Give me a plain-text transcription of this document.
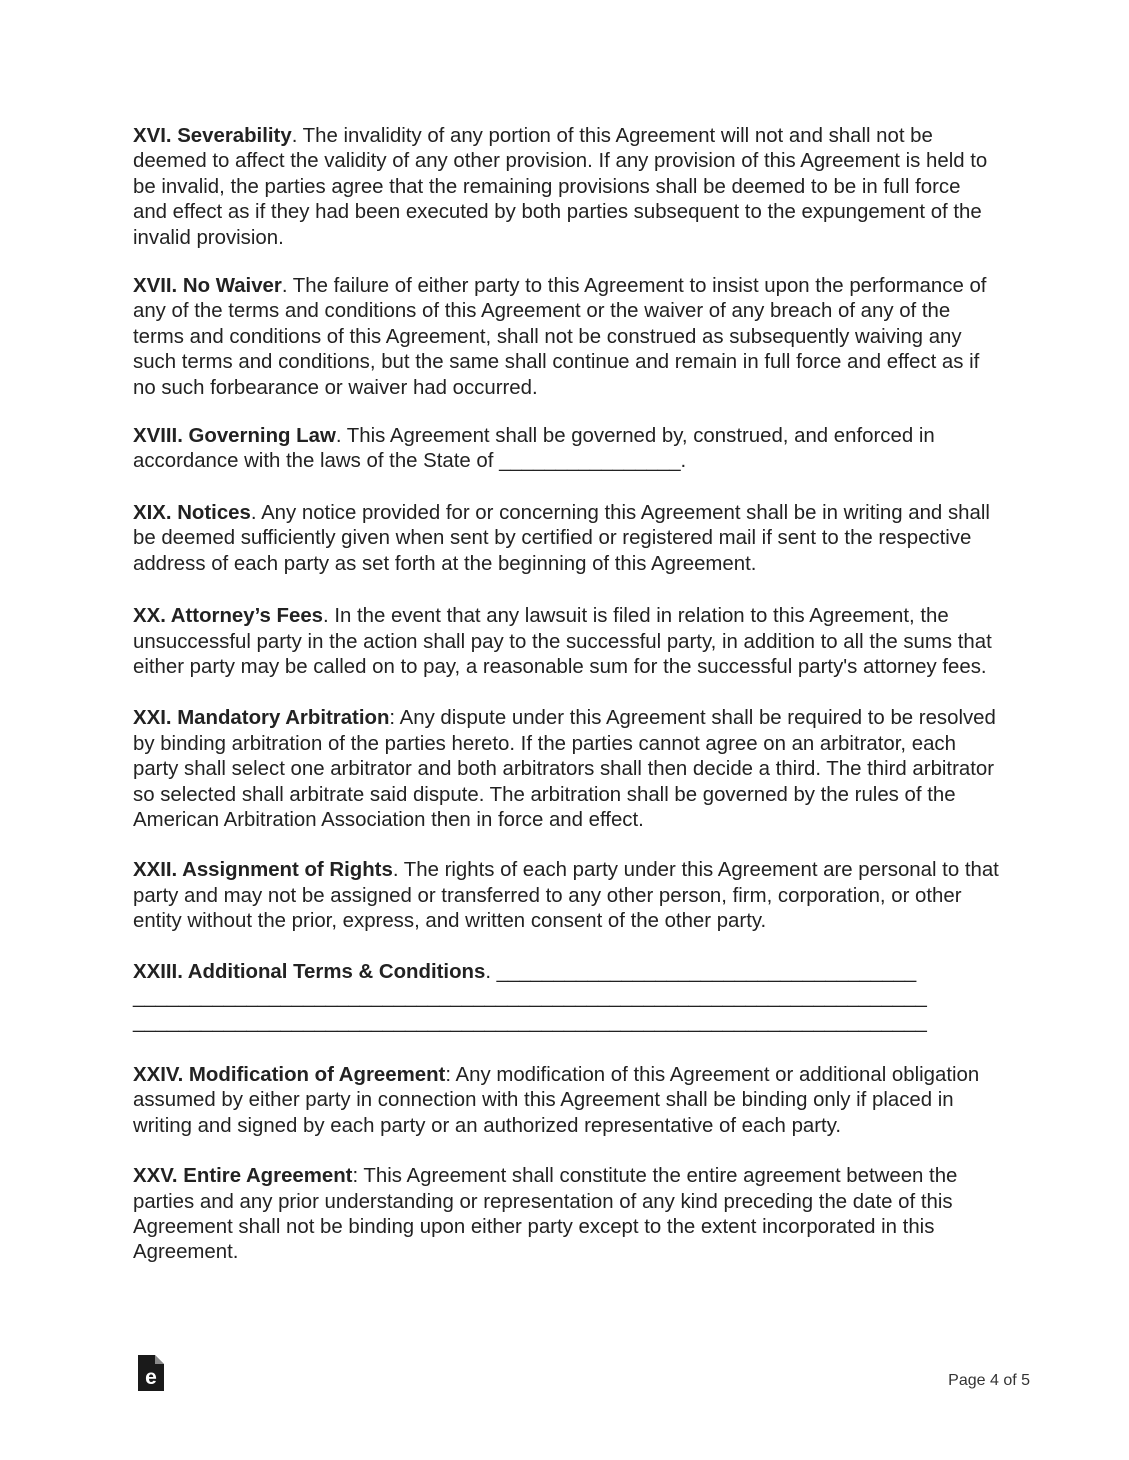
XVI. Severability. The invalidity of any portion of this Agreement will not and shall not be deemed to affect the validity of any other provision. If any provision of this Agreement is held to be invalid, the parties agree that the remaining provisions shall be deemed to be in full force and effect as if they had been executed by both parties subsequent to the expungement of the invalid provision.

XVII. No Waiver. The failure of either party to this Agreement to insist upon the performance of any of the terms and conditions of this Agreement or the waiver of any breach of any of the terms and conditions of this Agreement, shall not be construed as subsequently waiving any such terms and conditions, but the same shall continue and remain in full force and effect as if no such forbearance or waiver had occurred.

XVIII. Governing Law. This Agreement shall be governed by, construed, and enforced in accordance with the laws of the State of ________________.

XIX. Notices. Any notice provided for or concerning this Agreement shall be in writing and shall be deemed sufficiently given when sent by certified or registered mail if sent to the respective address of each party as set forth at the beginning of this Agreement.

XX. Attorney’s Fees. In the event that any lawsuit is filed in relation to this Agreement, the unsuccessful party in the action shall pay to the successful party, in addition to all the sums that either party may be called on to pay, a reasonable sum for the successful party's attorney fees.

XXI. Mandatory Arbitration: Any dispute under this Agreement shall be required to be resolved by binding arbitration of the parties hereto. If the parties cannot agree on an arbitrator, each party shall select one arbitrator and both arbitrators shall then decide a third. The third arbitrator so selected shall arbitrate said dispute. The arbitration shall be governed by the rules of the American Arbitration Association then in force and effect.

XXII. Assignment of Rights. The rights of each party under this Agreement are personal to that party and may not be assigned or transferred to any other person, firm, corporation, or other entity without the prior, express, and written consent of the other party.

XXIII. Additional Terms & Conditions. _____________________________________
______________________________________________________________________
______________________________________________________________________

XXIV. Modification of Agreement: Any modification of this Agreement or additional obligation assumed by either party in connection with this Agreement shall be binding only if placed in writing and signed by each party or an authorized representative of each party.

XXV. Entire Agreement: This Agreement shall constitute the entire agreement between the parties and any prior understanding or representation of any kind preceding the date of this Agreement shall not be binding upon either party except to the extent incorporated in this Agreement.

e	Page 4 of 5
